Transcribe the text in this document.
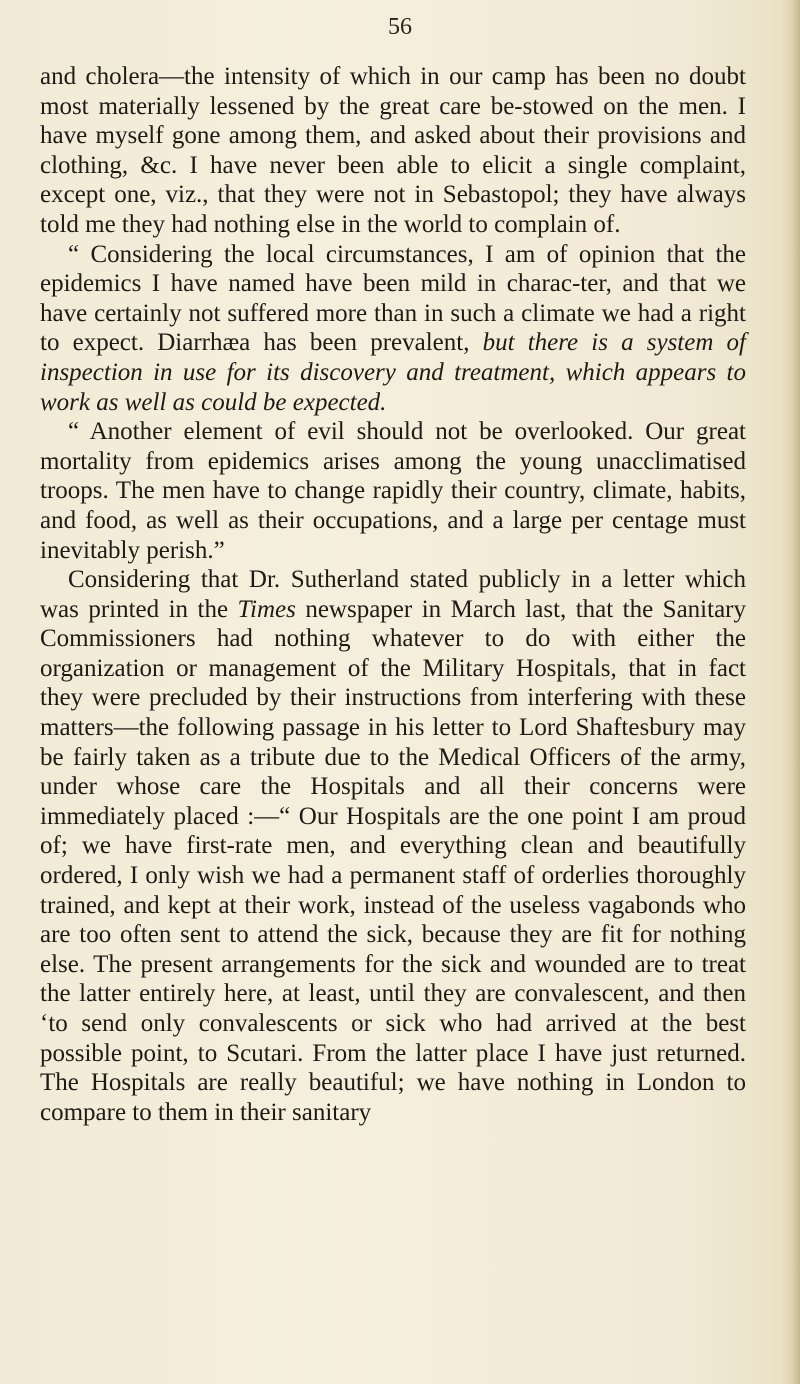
56

and cholera—the intensity of which in our camp has been no doubt most materially lessened by the great care be-stowed on the men. I have myself gone among them, and asked about their provisions and clothing, &c. I have never been able to elicit a single complaint, except one, viz., that they were not in Sebastopol; they have always told me they had nothing else in the world to complain of.

“ Considering the local circumstances, I am of opinion that the epidemics I have named have been mild in charac-ter, and that we have certainly not suffered more than in such a climate we had a right to expect. Diarrhæa has been prevalent, but there is a system of inspection in use for its discovery and treatment, which appears to work as well as could be expected.

“ Another element of evil should not be overlooked. Our great mortality from epidemics arises among the young unacclimatised troops. The men have to change rapidly their country, climate, habits, and food, as well as their occupations, and a large per centage must inevitably perish.”

Considering that Dr. Sutherland stated publicly in a letter which was printed in the Times newspaper in March last, that the Sanitary Commissioners had nothing whatever to do with either the organization or management of the Military Hospitals, that in fact they were precluded by their instructions from interfering with these matters—the following passage in his letter to Lord Shaftesbury may be fairly taken as a tribute due to the Medical Officers of the army, under whose care the Hospitals and all their concerns were immediately placed :—“ Our Hospitals are the one point I am proud of; we have first-rate men, and everything clean and beautifully ordered, I only wish we had a permanent staff of orderlies thoroughly trained, and kept at their work, instead of the useless vagabonds who are too often sent to attend the sick, because they are fit for nothing else. The present arrangements for the sick and wounded are to treat the latter entirely here, at least, until they are convalescent, and then ‘to send only convalescents or sick who had arrived at the best possible point, to Scutari. From the latter place I have just returned. The Hospitals are really beautiful; we have nothing in London to compare to them in their sanitary
